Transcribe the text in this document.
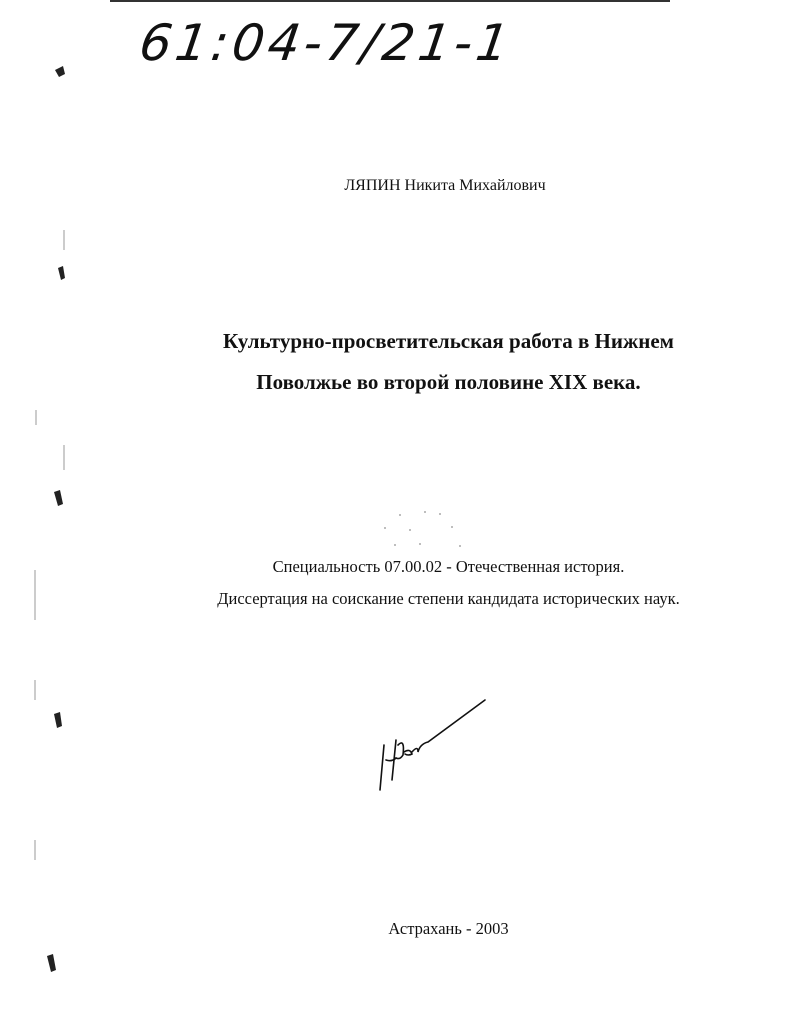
61:04-7/21-1
ЛЯПИН Никита Михайлович
Культурно-просветительская работа в Нижнем
Поволжье во второй половине XIX века.
Специальность 07.00.02 - Отечественная история.
Диссертация на соискание степени кандидата исторических наук.
Астрахань - 2003
